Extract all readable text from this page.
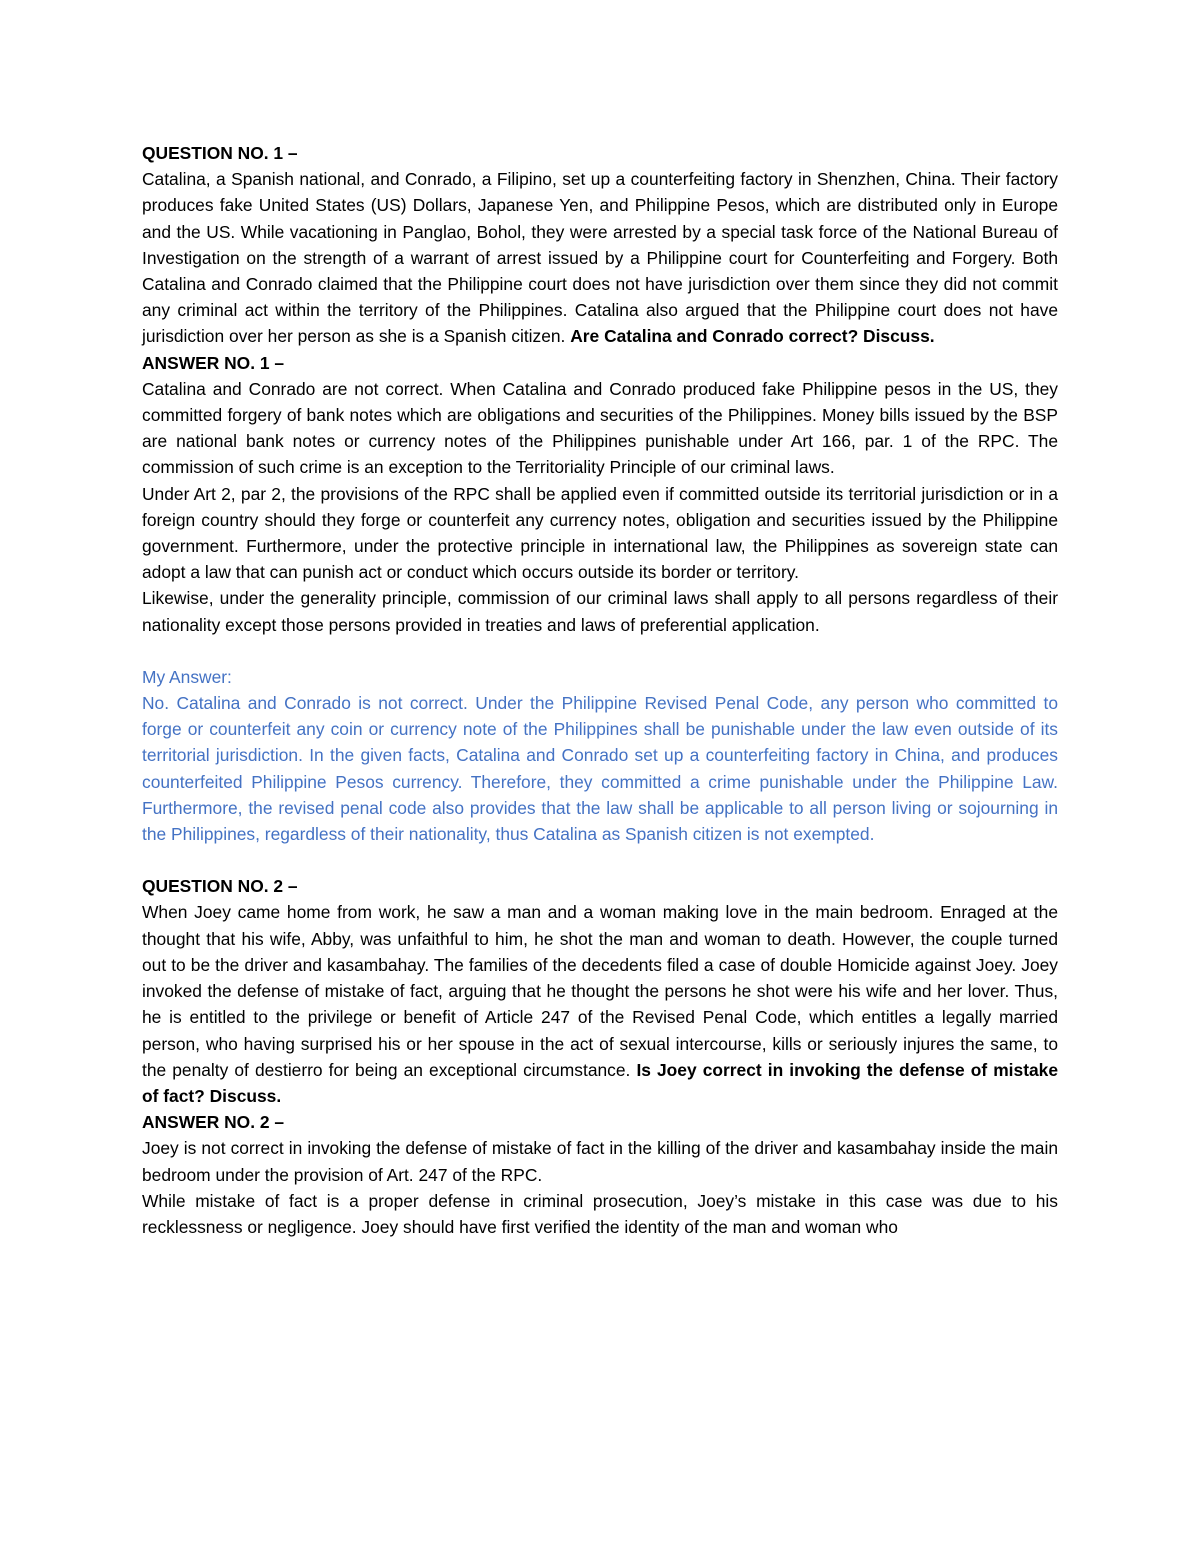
QUESTION NO. 1 –

Catalina, a Spanish national, and Conrado, a Filipino, set up a counterfeiting factory in Shenzhen, China. Their factory produces fake United States (US) Dollars, Japanese Yen, and Philippine Pesos, which are distributed only in Europe and the US. While vacationing in Panglao, Bohol, they were arrested by a special task force of the National Bureau of Investigation on the strength of a warrant of arrest issued by a Philippine court for Counterfeiting and Forgery. Both Catalina and Conrado claimed that the Philippine court does not have jurisdiction over them since they did not commit any criminal act within the territory of the Philippines. Catalina also argued that the Philippine court does not have jurisdiction over her person as she is a Spanish citizen. Are Catalina and Conrado correct? Discuss.

ANSWER NO. 1 –

Catalina and Conrado are not correct. When Catalina and Conrado produced fake Philippine pesos in the US, they committed forgery of bank notes which are obligations and securities of the Philippines. Money bills issued by the BSP are national bank notes or currency notes of the Philippines punishable under Art 166, par. 1 of the RPC. The commission of such crime is an exception to the Territoriality Principle of our criminal laws.

Under Art 2, par 2, the provisions of the RPC shall be applied even if committed outside its territorial jurisdiction or in a foreign country should they forge or counterfeit any currency notes, obligation and securities issued by the Philippine government. Furthermore, under the protective principle in international law, the Philippines as sovereign state can adopt a law that can punish act or conduct which occurs outside its border or territory.

Likewise, under the generality principle, commission of our criminal laws shall apply to all persons regardless of their nationality except those persons provided in treaties and laws of preferential application.

My Answer:

No. Catalina and Conrado is not correct. Under the Philippine Revised Penal Code, any person who committed to forge or counterfeit any coin or currency note of the Philippines shall be punishable under the law even outside of its territorial jurisdiction. In the given facts, Catalina and Conrado set up a counterfeiting factory in China, and produces counterfeited Philippine Pesos currency. Therefore, they committed a crime punishable under the Philippine Law. Furthermore, the revised penal code also provides that the law shall be applicable to all person living or sojourning in the Philippines, regardless of their nationality, thus Catalina as Spanish citizen is not exempted.

QUESTION NO. 2 –

When Joey came home from work, he saw a man and a woman making love in the main bedroom. Enraged at the thought that his wife, Abby, was unfaithful to him, he shot the man and woman to death. However, the couple turned out to be the driver and kasambahay. The families of the decedents filed a case of double Homicide against Joey. Joey invoked the defense of mistake of fact, arguing that he thought the persons he shot were his wife and her lover. Thus, he is entitled to the privilege or benefit of Article 247 of the Revised Penal Code, which entitles a legally married person, who having surprised his or her spouse in the act of sexual intercourse, kills or seriously injures the same, to the penalty of destierro for being an exceptional circumstance. Is Joey correct in invoking the defense of mistake of fact? Discuss.

ANSWER NO. 2 –

Joey is not correct in invoking the defense of mistake of fact in the killing of the driver and kasambahay inside the main bedroom under the provision of Art. 247 of the RPC.

While mistake of fact is a proper defense in criminal prosecution, Joey’s mistake in this case was due to his recklessness or negligence. Joey should have first verified the identity of the man and woman who
